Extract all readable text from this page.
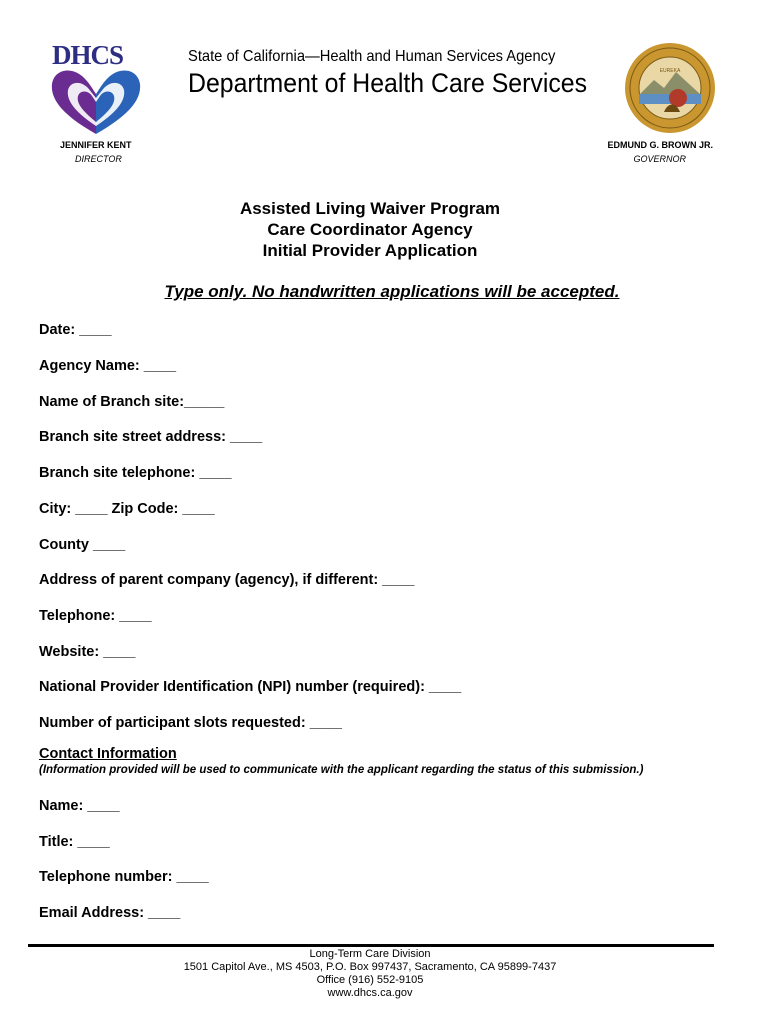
DHCS	State of California—Health and Human Services Agency
Department of Health Care Services	EUREKA
JENNIFER KENT
DIRECTOR
EDMUND G. BROWN JR.
GOVERNOR
Assisted Living Waiver Program
Care Coordinator Agency
Initial Provider Application
Type only. No handwritten applications will be accepted.
Date: ____
Agency Name: ____
Name of Branch site:_____
Branch site street address: ____
Branch site telephone: ____
City: ____ Zip Code: ____
County ____
Address of parent company (agency), if different: ____
Telephone: ____
Website: ____
National Provider Identification (NPI) number (required): ____
Number of participant slots requested: ____
Contact Information
(Information provided will be used to communicate with the applicant regarding the status of this submission.)
Name: ____
Title: ____
Telephone number: ____
Email Address: ____
Long-Term Care Division
1501 Capitol Ave., MS 4503, P.O. Box 997437, Sacramento, CA 95899-7437
Office (916) 552-9105
www.dhcs.ca.gov
